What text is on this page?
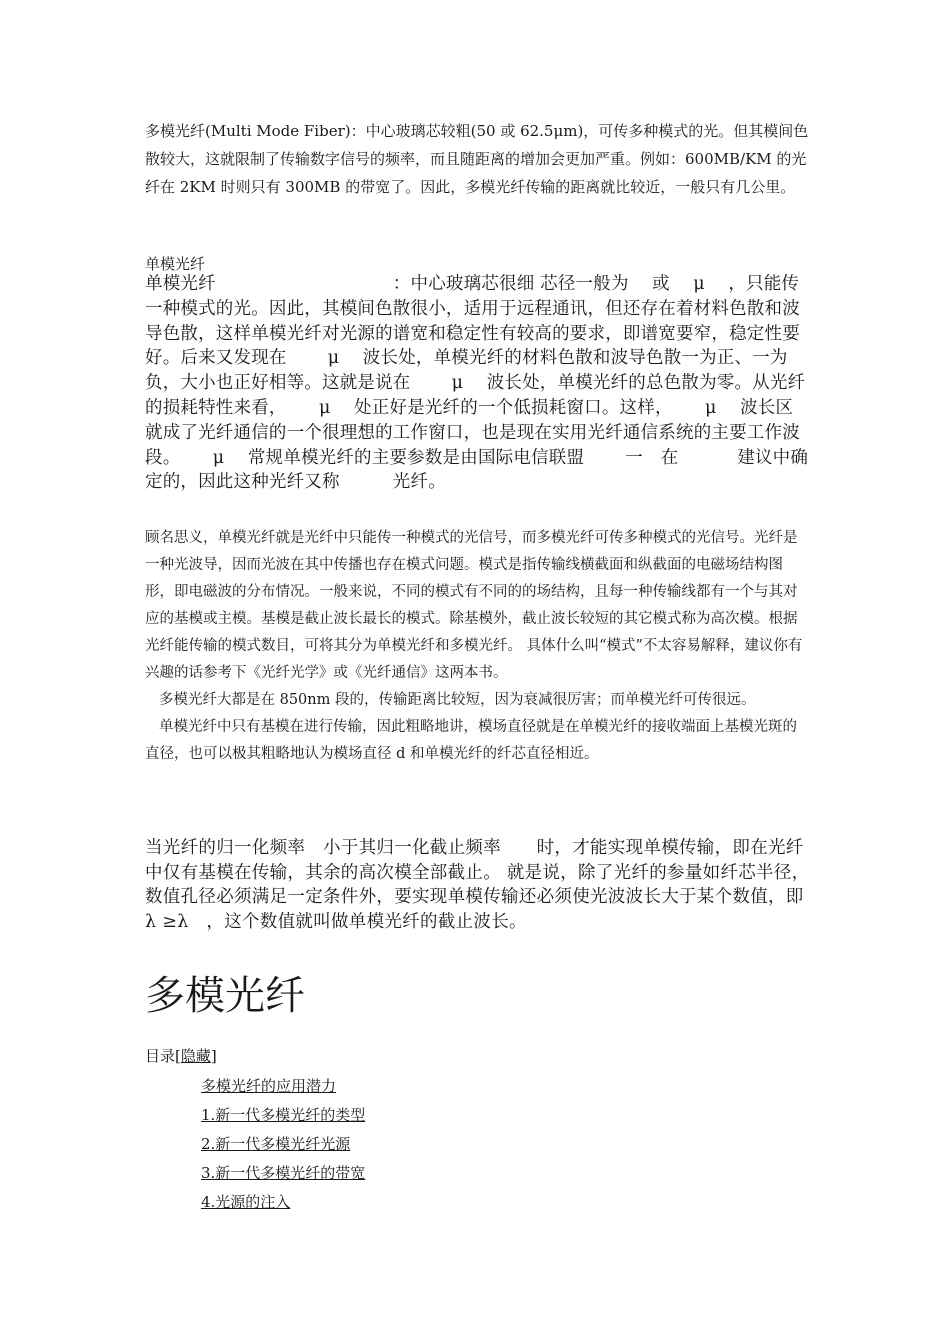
多模光纤(Multi Mode Fiber)：中心玻璃芯较粗(50 或 62.5μm)，可传多种模式的光。但其模间色散较大，这就限制了传输数字信号的频率，而且随距离的增加会更加严重。例如：600MB/KM 的光纤在 2KM 时则只有 300MB 的带宽了。因此，多模光纤传输的距离就比较近，一般只有几公里。

单模光纤

单模光纤　　　　　　　　　　：中心玻璃芯很细 芯径一般为　 或　 μ　 ，只能传一种模式的光。因此，其模间色散很小，适用于远程通讯，但还存在着材料色散和波导色散，这样单模光纤对光源的谱宽和稳定性有较高的要求，即谱宽要窄，稳定性要好。后来又发现在　　 μ　 波长处，单模光纤的材料色散和波导色散一为正、一为负，大小也正好相等。这就是说在　　 μ　 波长处，单模光纤的总色散为零。从光纤的损耗特性来看，　　 μ　 处正好是光纤的一个低损耗窗口。这样，　　 μ　 波长区就成了光纤通信的一个很理想的工作窗口，也是现在实用光纤通信系统的主要工作波段。　　 μ　 常规单模光纤的主要参数是由国际电信联盟　　 一　在　　　 建议中确定的，因此这种光纤又称　　　光纤。

顾名思义，单模光纤就是光纤中只能传一种模式的光信号，而多模光纤可传多种模式的光信号。光纤是一种光波导，因而光波在其中传播也存在模式问题。模式是指传输线横截面和纵截面的电磁场结构图形，即电磁波的分布情况。一般来说，不同的模式有不同的的场结构，且每一种传输线都有一个与其对应的基模或主模。基模是截止波长最长的模式。除基模外，截止波长较短的其它模式称为高次模。根据光纤能传输的模式数目，可将其分为单模光纤和多模光纤。 具体什么叫“模式”不太容易解释，建议你有兴趣的话参考下《光纤光学》或《光纤通信》这两本书。
多模光纤大都是在 850nm 段的，传输距离比较短，因为衰减很厉害；而单模光纤可传很远。
单模光纤中只有基模在进行传输，因此粗略地讲，模场直径就是在单模光纤的接收端面上基模光斑的直径，也可以极其粗略地认为模场直径 d 和单模光纤的纤芯直径相近。

当光纤的归一化频率　小于其归一化截止频率　　时，才能实现单模传输，即在光纤中仅有基模在传输，其余的高次模全部截止。 就是说，除了光纤的参量如纤芯半径，数值孔径必须满足一定条件外，要实现单模传输还必须使光波波长大于某个数值，即 λ ≥λ　，这个数值就叫做单模光纤的截止波长。

多模光纤
目录[隐藏]
多模光纤的应用潜力
1.新一代多模光纤的类型
2.新一代多模光纤光源
3.新一代多模光纤的带宽
4.光源的注入
